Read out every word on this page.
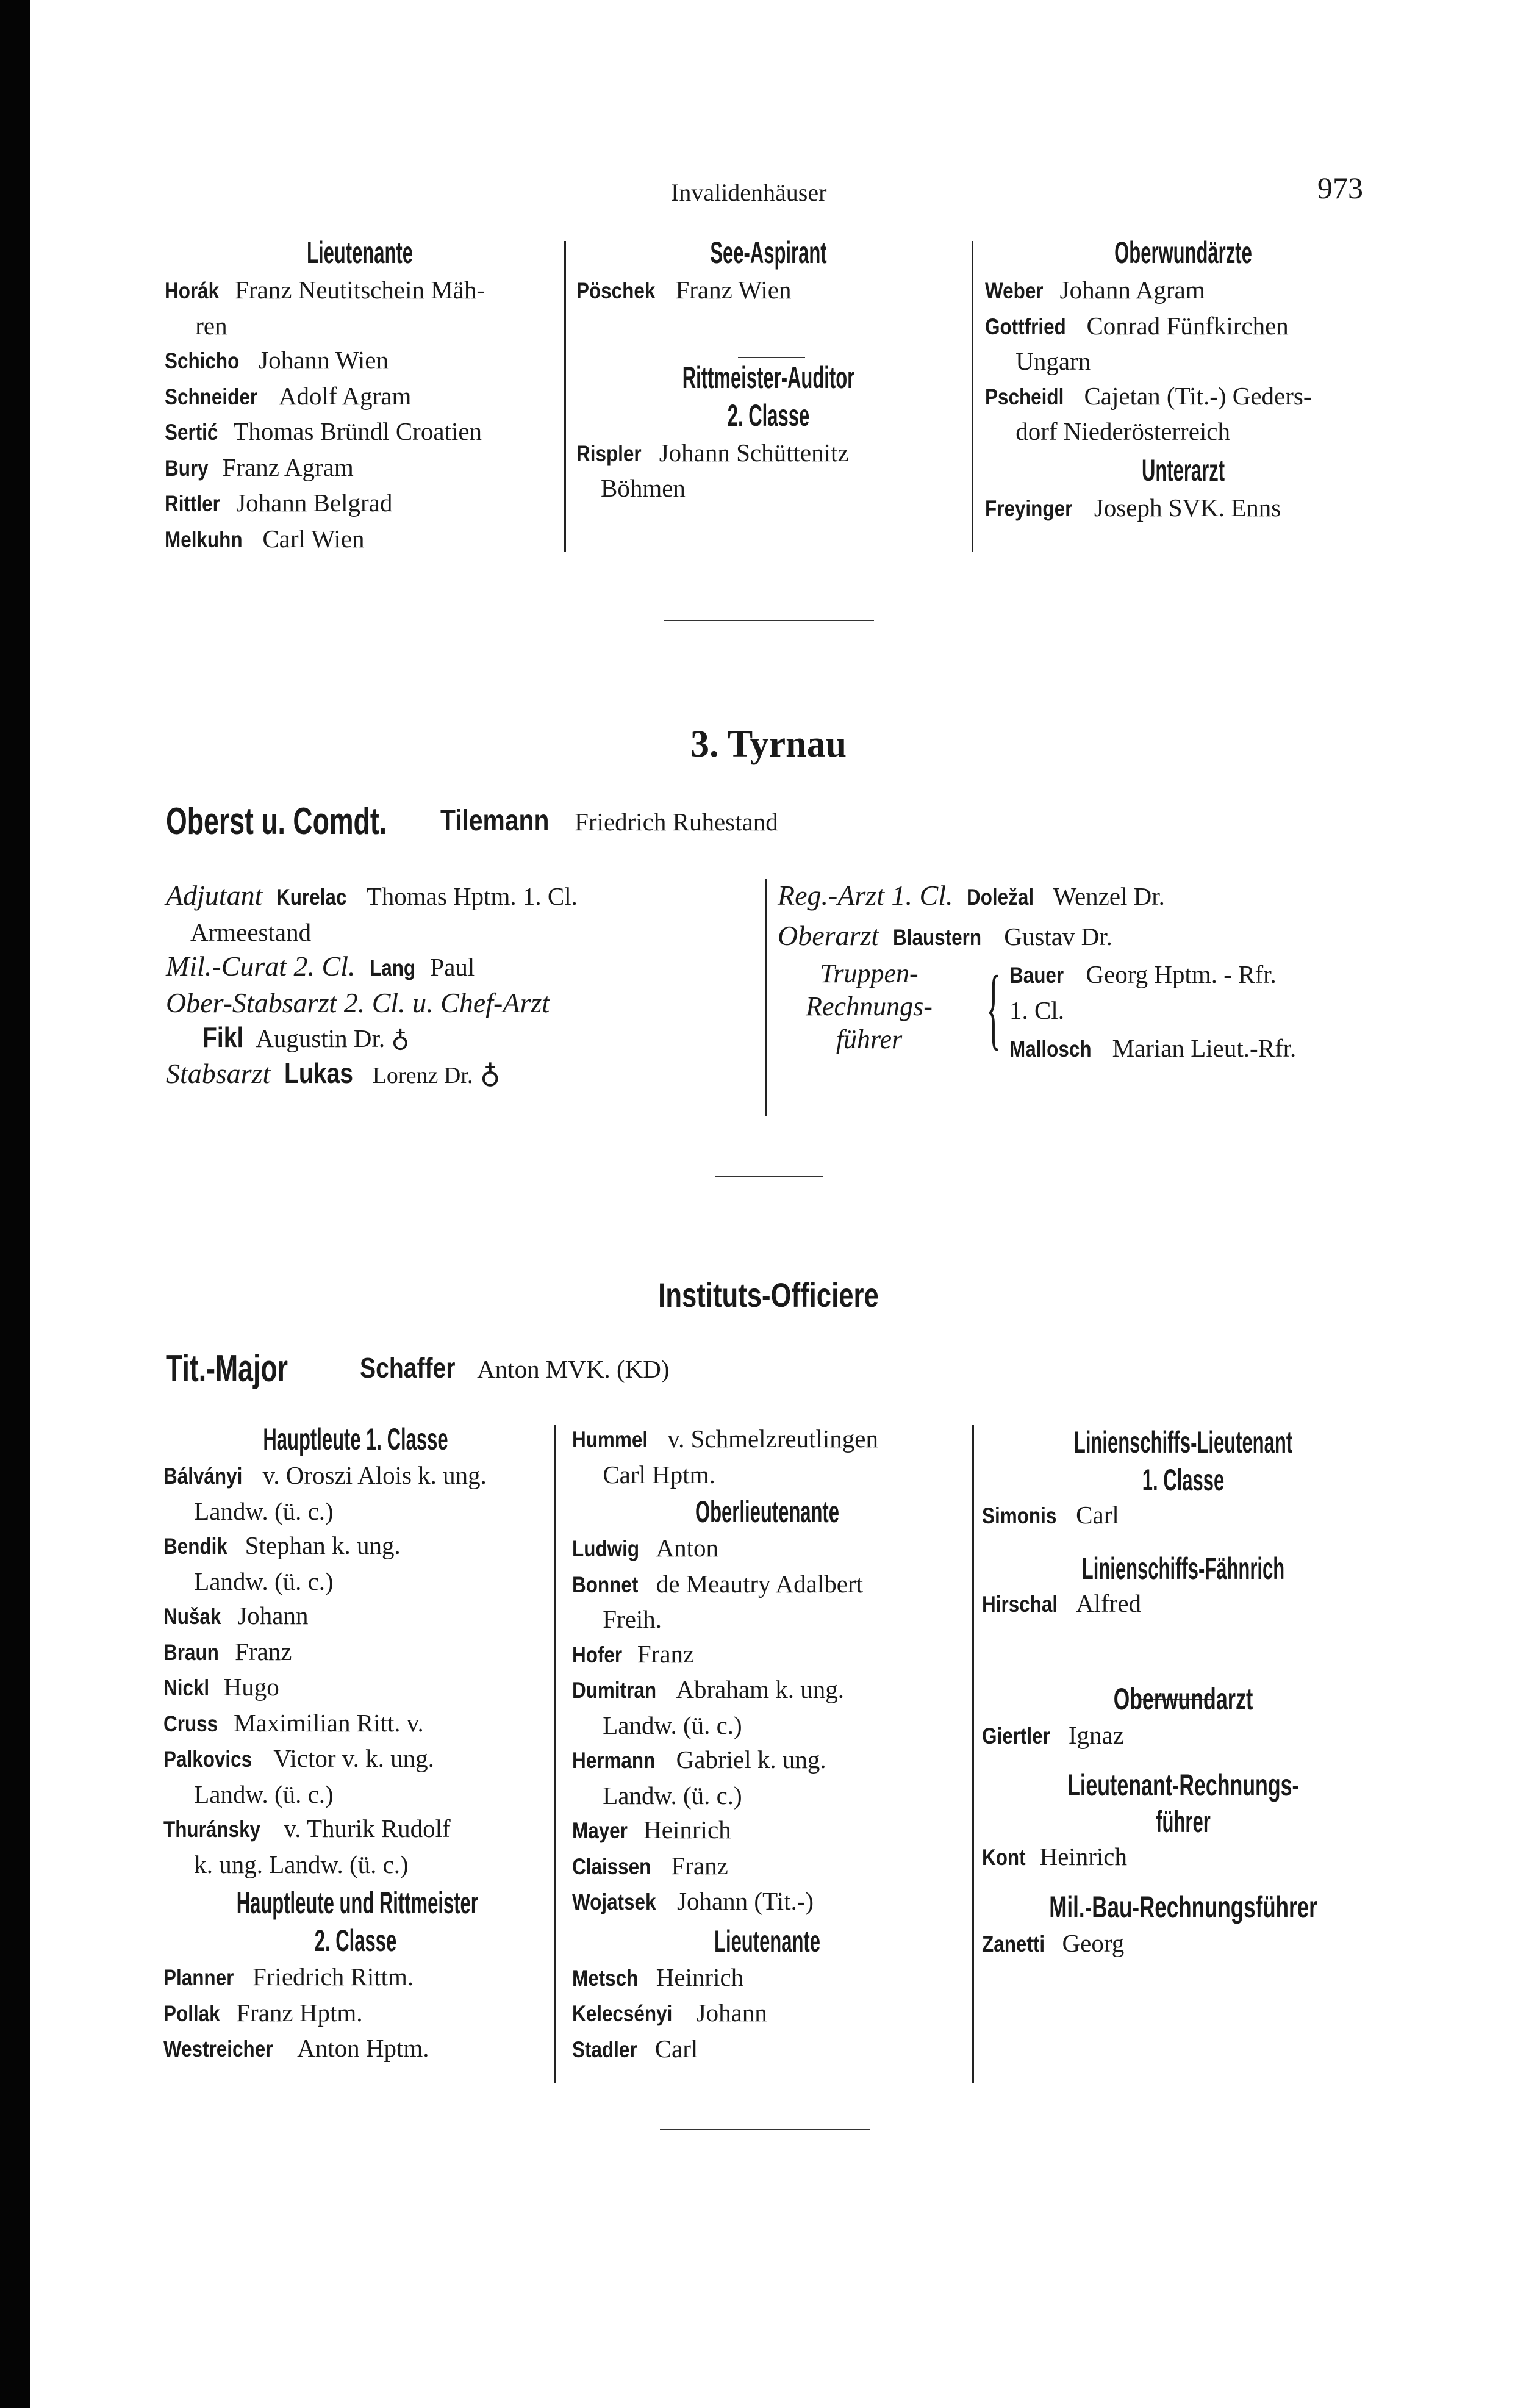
Invalidenhäuser	973
Lieutenante
Horák Franz Neutitschein Mäh-
ren
Schicho Johann Wien
Schneider Adolf Agram
Sertić Thomas Bründl Croatien
Bury Franz Agram
Rittler Johann Belgrad
Melkuhn Carl Wien
See-Aspirant
Pöschek Franz Wien
Rittmeister-Auditor
2. Classe
Rispler Johann Schüttenitz
Böhmen
Oberwundärzte
Weber Johann Agram
Gottfried Conrad Fünfkirchen
Ungarn
Pscheidl Cajetan (Tit.-) Geders-
dorf Niederösterreich
Unterarzt
Freyinger Joseph SVK. Enns
3. Tyrnau
Oberst u. Comdt. Tilemann Friedrich Ruhestand
Adjutant Kurelac Thomas Hptm. 1. Cl.
Armeestand
Mil.-Curat 2. Cl. Lang Paul
Ober-Stabsarzt 2. Cl. u. Chef-Arzt
Fikl Augustin Dr. ♁
Stabsarzt Lukas Lorenz Dr. ♁
Reg.-Arzt 1. Cl. Doležal Wenzel Dr.
Oberarzt Blaustern Gustav Dr.
Truppen-
Rechnungs-
führer { Bauer Georg Hptm. - Rfr.
1. Cl.
Mallosch Marian Lieut.-Rfr.
Instituts-Officiere
Tit.-Major	Schaffer Anton MVK. (KD)
Hauptleute 1. Classe
Bálványi v. Oroszi Alois k. ung.
Landw. (ü. c.)
Bendik Stephan k. ung.
Landw. (ü. c.)
Nušak Johann
Braun Franz
Nickl Hugo
Cruss Maximilian Ritt. v.
Palkovics Victor v. k. ung.
Landw. (ü. c.)
Thuránsky v. Thurik Rudolf
k. ung. Landw. (ü. c.)
Hauptleute und Rittmeister
2. Classe
Planner Friedrich Rittm.
Pollak Franz Hptm.
Westreicher Anton Hptm.
Hummel v. Schmelzreutlingen
Carl Hptm.
Oberlieutenante
Ludwig Anton
Bonnet de Meautry Adalbert
Freih.
Hofer Franz
Dumitran Abraham k. ung.
Landw. (ü. c.)
Hermann Gabriel k. ung.
Landw. (ü. c.)
Mayer Heinrich
Claissen Franz
Wojatsek Johann (Tit.-)
Lieutenante
Metsch Heinrich
Kelecsényi Johann
Stadler Carl
Linienschiffs-Lieutenant
1. Classe
Simonis Carl
Linienschiffs-Fähnrich
Hirschal Alfred
Oberwundarzt
Giertler Ignaz
Lieutenant-Rechnungs-
führer
Kont Heinrich
Mil.-Bau-Rechnungsführer
Zanetti Georg
